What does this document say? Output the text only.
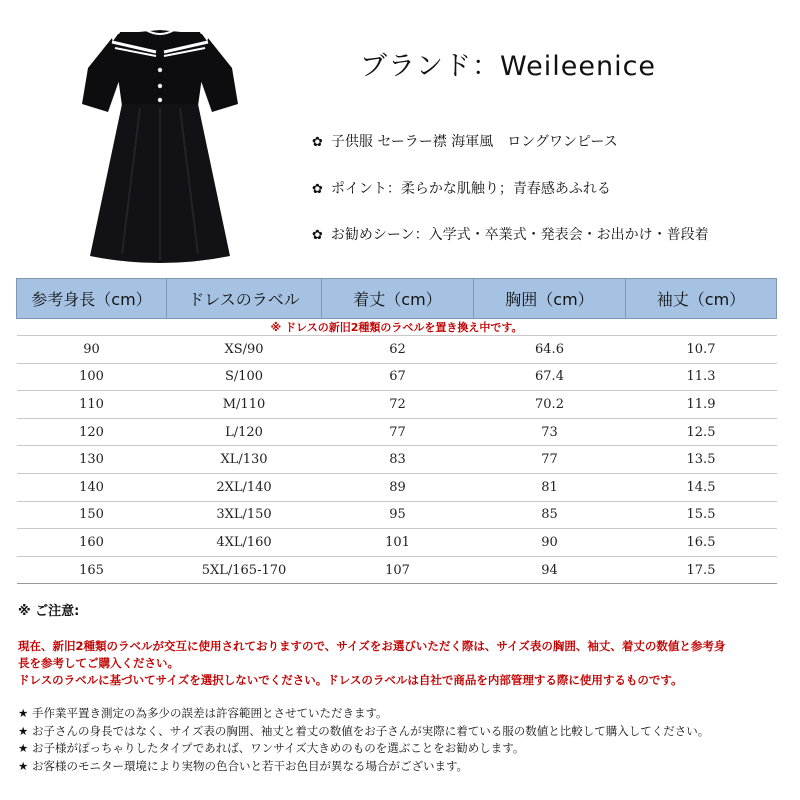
ブランド：Weileenice
✿ 子供服 セーラー襟 海軍風　ロングワンピース
✿ ポイント：柔らかな肌触り；青春感あふれる
✿ お勧めシーン：入学式・卒業式・発表会・お出かけ・普段着
参考身長（cm）	ドレスのラベル	着丈（cm）	胸囲（cm）	袖丈（cm）
※ ドレスの新旧2種類のラベルを置き換え中です。				
90	XS/90	62	64.6	10.7
100	S/100	67	67.4	11.3
110	M/110	72	70.2	11.9
120	L/120	77	73	12.5
130	XL/130	83	77	13.5
140	2XL/140	89	81	14.5
150	3XL/150	95	85	15.5
160	4XL/160	101	90	16.5
165	5XL/165-170	107	94	17.5
※ ご注意:
現在、新旧2種類のラベルが交互に使用されておりますので、サイズをお選びいただく際は、サイズ表の胸囲、袖丈、着丈の数値と参考身
長を参考してご購入ください。
ドレスのラベルに基づいてサイズを選択しないでください。ドレスのラベルは自社で商品を内部管理する際に使用するものです。
★ 手作業平置き測定の為多少の誤差は許容範囲とさせていただきます。
★ お子さんの身長ではなく、サイズ表の胸囲、袖丈と着丈の数値をお子さんが実際に着ている服の数値と比較して購入してください。
★ お子様がぽっちゃりしたタイプであれば、ワンサイズ大きめのものを選ぶことをお勧めします。
★ お客様のモニター環境により実物の色合いと若干お色目が異なる場合がございます。
